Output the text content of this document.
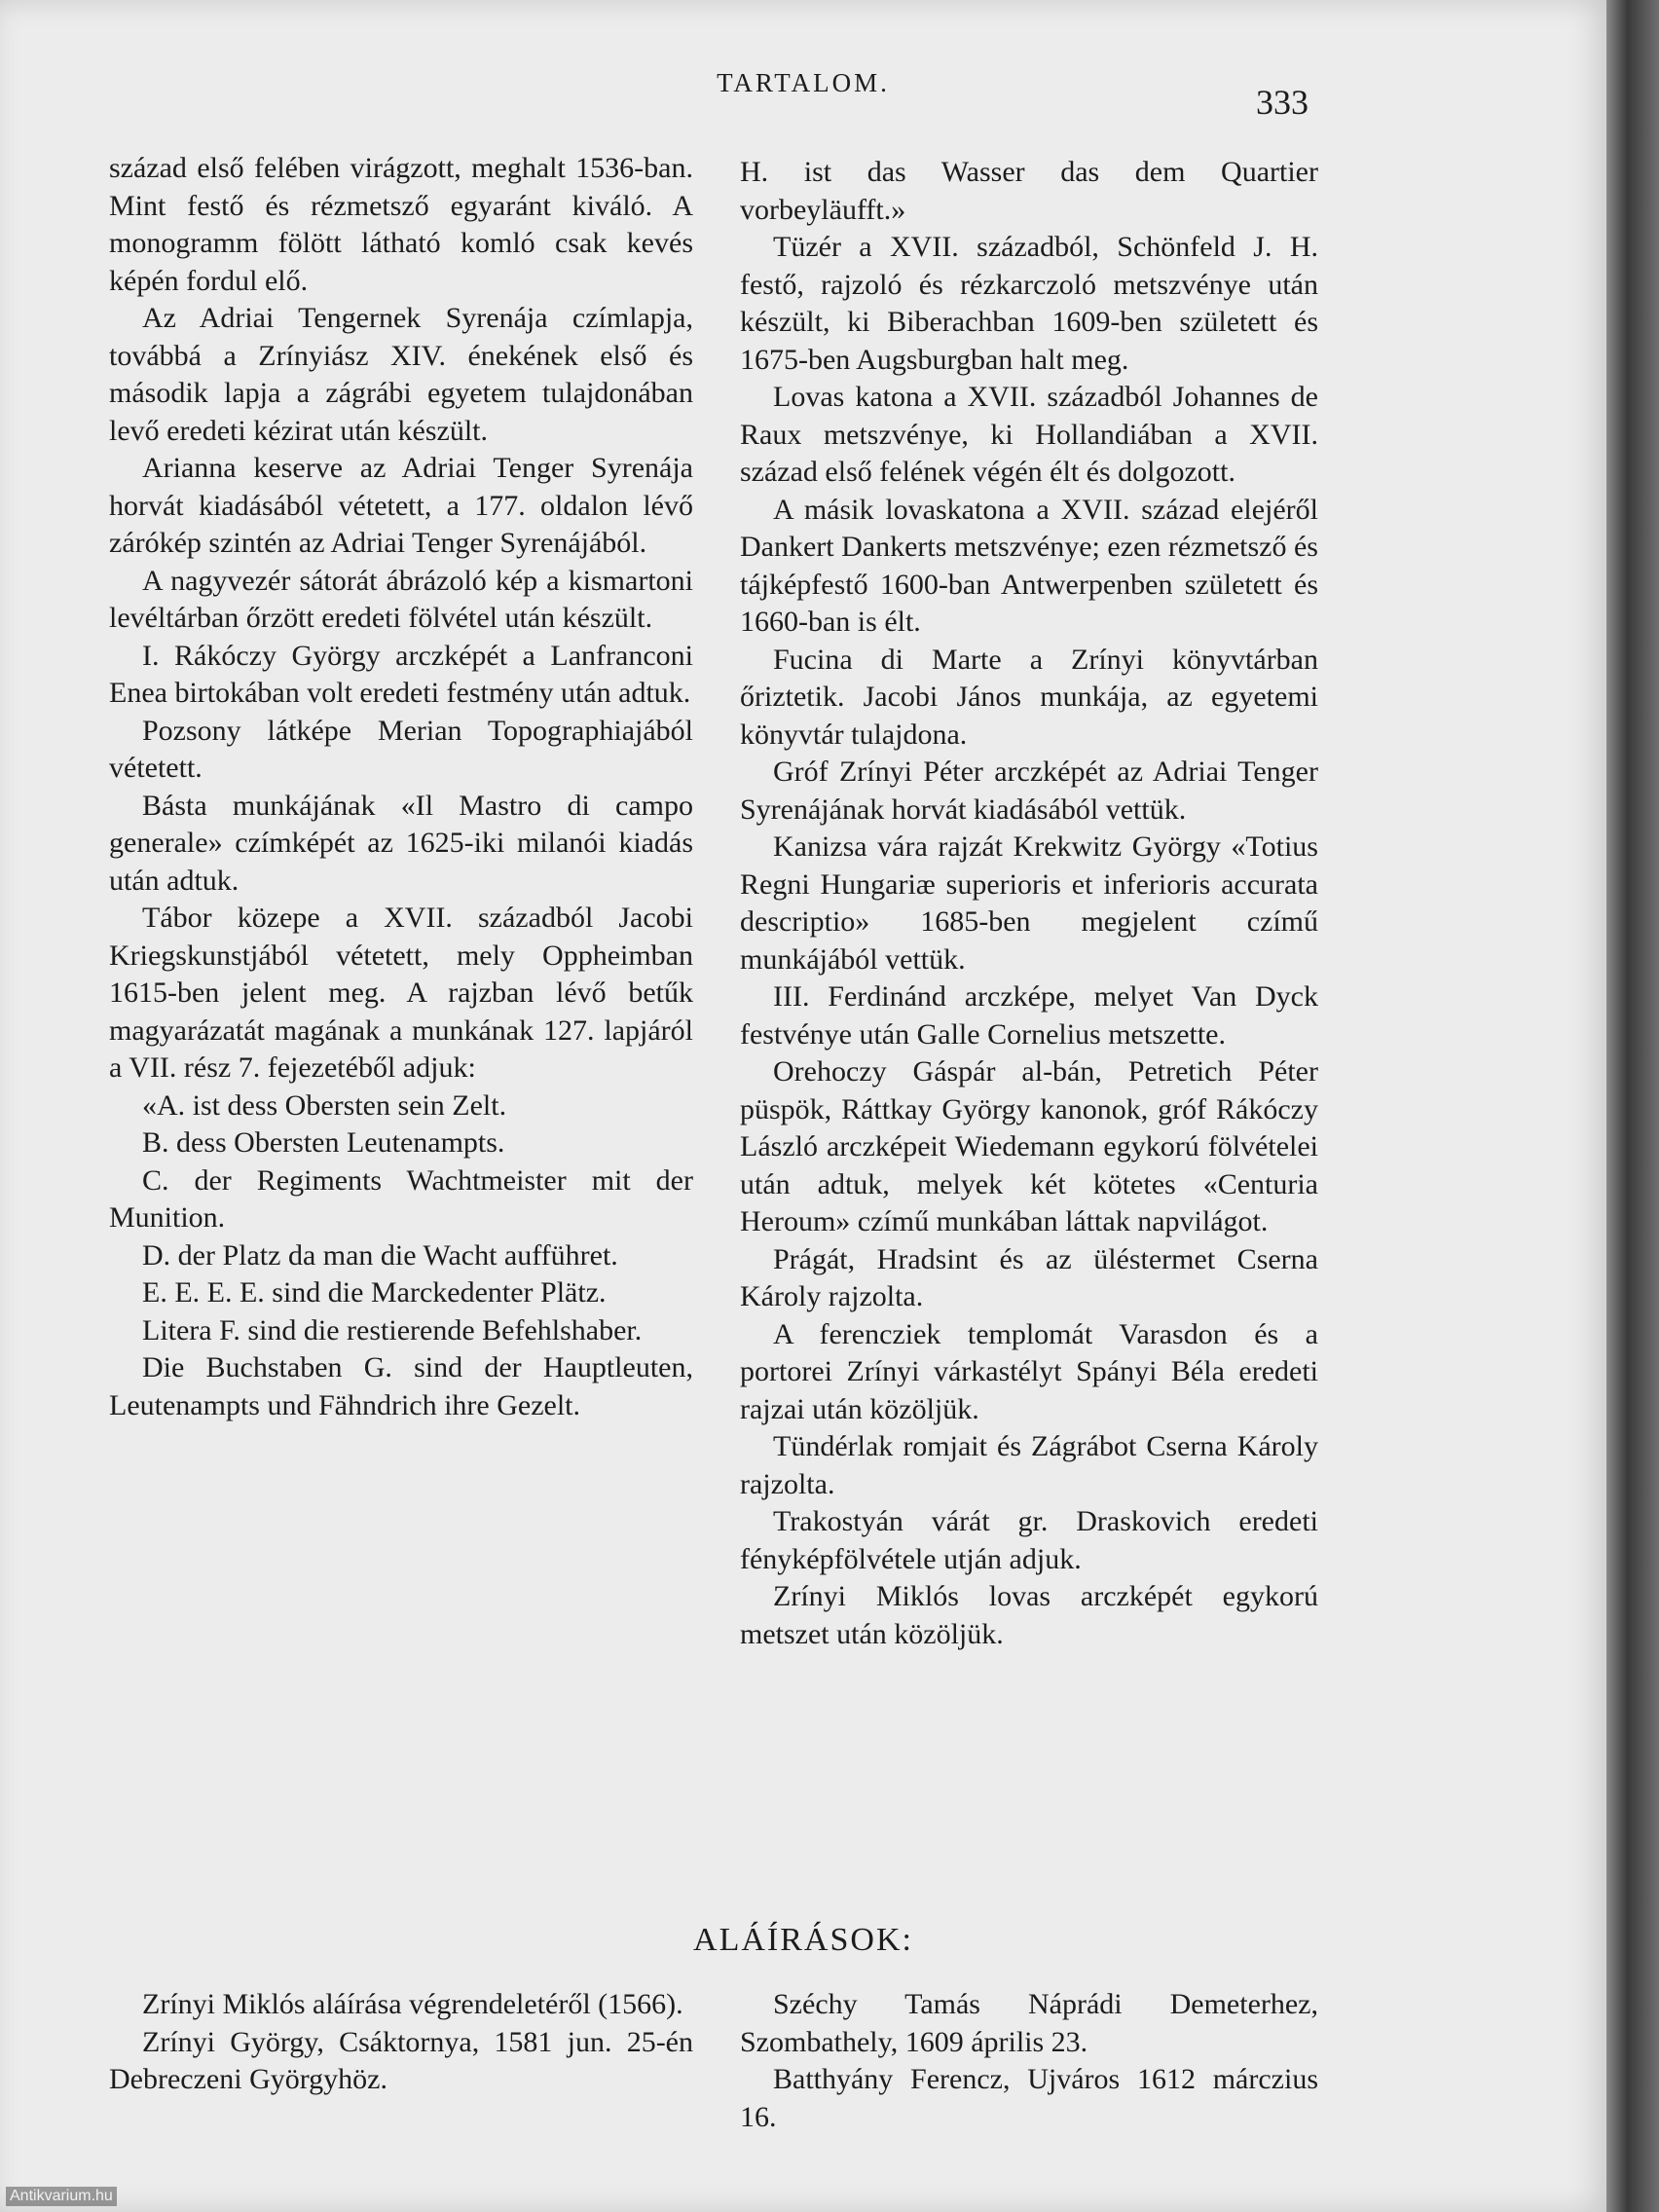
TARTALOM.	333

század első felében virágzott, meghalt 1536-ban. Mint festő és rézmetsző egyaránt kiváló. A monogramm fölött látható komló csak kevés képén fordul elő.

Az Adriai Tengernek Syrenája czímlapja, továbbá a Zrínyiász XIV. énekének első és második lapja a zágrábi egyetem tulajdonában levő eredeti kézirat után készült.

Arianna keserve az Adriai Tenger Syrenája horvát kiadásából vétetett, a 177. oldalon lévő zárókép szintén az Adriai Tenger Syrenájából.

A nagyvezér sátorát ábrázoló kép a kismartoni levéltárban őrzött eredeti fölvétel után készült.

I. Rákóczy György arczképét a Lanfranconi Enea birtokában volt eredeti festmény után adtuk.

Pozsony látképe Merian Topographiajából vétetett.

Básta munkájának «Il Mastro di campo generale» czímképét az 1625-iki milanói kiadás után adtuk.

Tábor közepe a XVII. századból Jacobi Kriegskunstjából vétetett, mely Oppheimban 1615-ben jelent meg. A rajzban lévő betűk magyarázatát magának a munkának 127. lapjáról a VII. rész 7. fejezetéből adjuk:

«A. ist dess Obersten sein Zelt.

B. dess Obersten Leutenampts.

C. der Regiments Wachtmeister mit der Munition.

D. der Platz da man die Wacht aufführet.

E. E. E. E. sind die Marckedenter Plätz.

Litera F. sind die restierende Befehlshaber.

Die Buchstaben G. sind der Hauptleuten, Leutenampts und Fähndrich ihre Gezelt.

H. ist das Wasser das dem Quartier vorbeyläufft.»

Tüzér a XVII. századból, Schönfeld J. H. festő, rajzoló és rézkarczoló metszvénye után készült, ki Biberachban 1609-ben született és 1675-ben Augsburgban halt meg.

Lovas katona a XVII. századból Johannes de Raux metszvénye, ki Hollandiában a XVII. század első felének végén élt és dolgozott.

A másik lovaskatona a XVII. század elejéről Dankert Dankerts metszvénye; ezen rézmetsző és tájképfestő 1600-ban Antwerpenben született és 1660-ban is élt.

Fucina di Marte a Zrínyi könyvtárban őriztetik. Jacobi János munkája, az egyetemi könyvtár tulajdona.

Gróf Zrínyi Péter arczképét az Adriai Tenger Syrenájának horvát kiadásából vettük.

Kanizsa vára rajzát Krekwitz György «Totius Regni Hungariæ superioris et inferioris accurata descriptio» 1685-ben megjelent czímű munkájából vettük.

III. Ferdinánd arczképe, melyet Van Dyck festvénye után Galle Cornelius metszette.

Orehoczy Gáspár al-bán, Petretich Péter püspök, Ráttkay György kanonok, gróf Rákóczy László arczképeit Wiedemann egykorú fölvételei után adtuk, melyek két kötetes «Centuria Heroum» czímű munkában láttak napvilágot.

Prágát, Hradsint és az üléstermet Cserna Károly rajzolta.

A ferencziek templomát Varasdon és a portorei Zrínyi várkastélyt Spányi Béla eredeti rajzai után közöljük.

Tündérlak romjait és Zágrábot Cserna Károly rajzolta.

Trakostyán várát gr. Draskovich eredeti fényképfölvétele utján adjuk.

Zrínyi Miklós lovas arczképét egykorú metszet után közöljük.

ALÁÍRÁSOK:

Zrínyi Miklós aláírása végrendeletéről (1566).

Zrínyi György, Csáktornya, 1581 jun. 25-én Debreczeni Györgyhöz.

Széchy Tamás Náprádi Demeterhez, Szombathely, 1609 április 23.

Batthyány Ferencz, Ujváros 1612 márczius 16.

Antikvarium.hu
